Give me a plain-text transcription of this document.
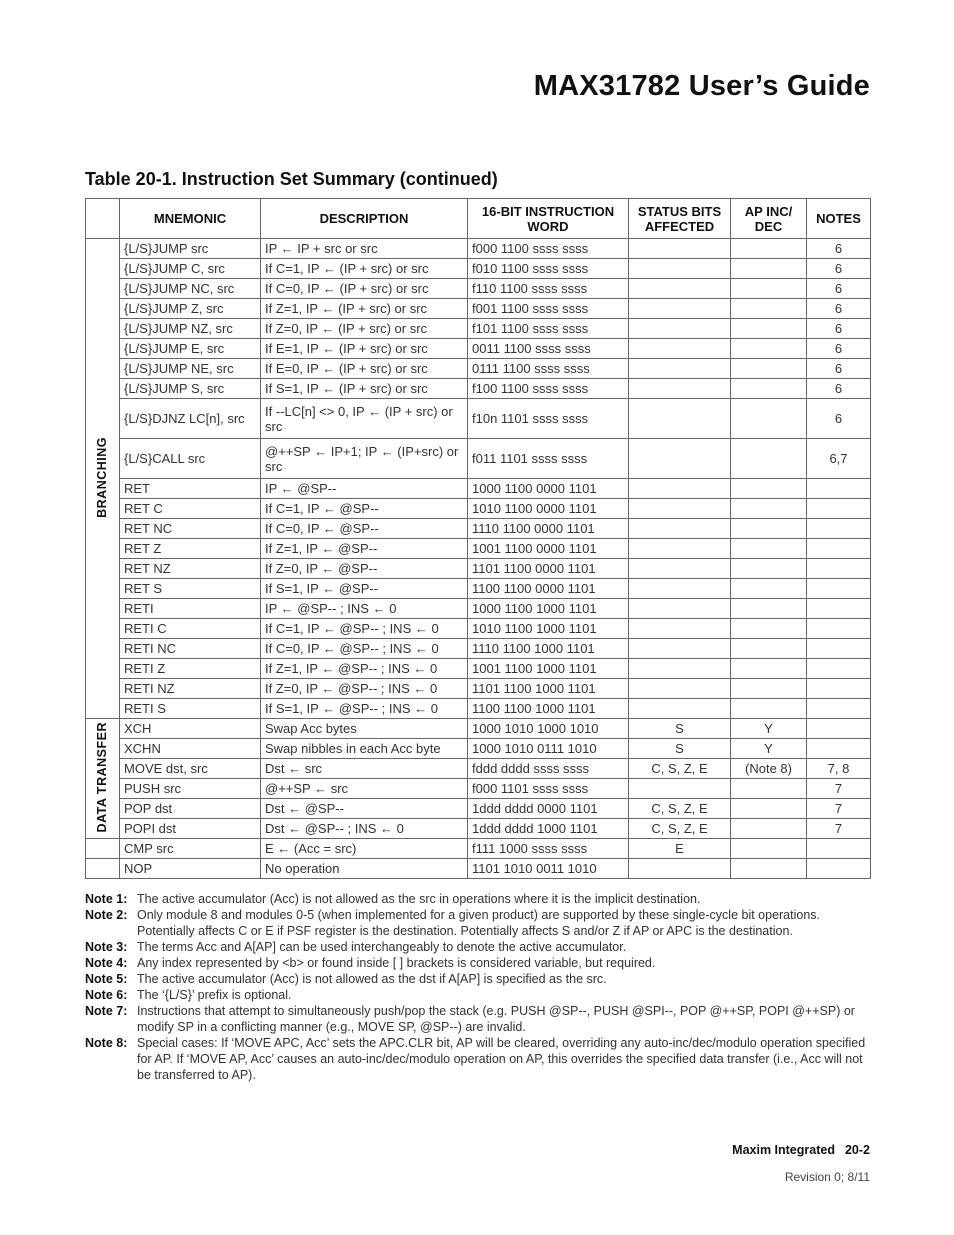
MAX31782 User’s Guide
Table 20-1. Instruction Set Summary (continued)
	MNEMONIC	DESCRIPTION	16-BIT INSTRUCTION WORD	STATUS BITS AFFECTED	AP INC/ DEC	NOTES
BRANCHING	{L/S}JUMP src	IP ← IP + src or src	f000 1100 ssss ssss			6
	{L/S}JUMP C, src	If C=1, IP ← (IP + src) or src	f010 1100 ssss ssss			6
	{L/S}JUMP NC, src	If C=0, IP ← (IP + src) or src	f110 1100 ssss ssss			6
	{L/S}JUMP Z, src	If Z=1, IP ← (IP + src) or src	f001 1100 ssss ssss			6
	{L/S}JUMP NZ, src	If Z=0, IP ← (IP + src) or src	f101 1100 ssss ssss			6
	{L/S}JUMP E, src	If E=1, IP ← (IP + src) or src	0011 1100 ssss ssss			6
	{L/S}JUMP NE, src	If E=0, IP ← (IP + src) or src	0111 1100 ssss ssss			6
	{L/S}JUMP S, src	If S=1, IP ← (IP + src) or src	f100 1100 ssss ssss			6
	{L/S}DJNZ LC[n], src	If --LC[n] <> 0, IP ← (IP + src) or src	f10n 1101 ssss ssss			6
	{L/S}CALL src	@++SP ← IP+1; IP ← (IP+src) or src	f011 1101 ssss ssss			6,7
	RET	IP ← @SP--	1000 1100 0000 1101			
	RET C	If C=1, IP ← @SP--	1010 1100 0000 1101			
	RET NC	If C=0, IP ← @SP--	1110 1100 0000 1101			
	RET Z	If Z=1, IP ← @SP--	1001 1100 0000 1101			
	RET NZ	If Z=0, IP ← @SP--	1101 1100 0000 1101			
	RET S	If S=1, IP ← @SP--	1100 1100 0000 1101			
	RETI	IP ← @SP-- ; INS ← 0	1000 1100 1000 1101			
	RETI C	If C=1, IP ← @SP-- ; INS ← 0	1010 1100 1000 1101			
	RETI NC	If C=0, IP ← @SP-- ; INS ← 0	1110 1100 1000 1101			
	RETI Z	If Z=1, IP ← @SP-- ; INS ← 0	1001 1100 1000 1101			
	RETI NZ	If Z=0, IP ← @SP-- ; INS ← 0	1101 1100 1000 1101			
	RETI S	If S=1, IP ← @SP-- ; INS ← 0	1100 1100 1000 1101			
DATA TRANSFER	XCH	Swap Acc bytes	1000 1010 1000 1010	S	Y	
	XCHN	Swap nibbles in each Acc byte	1000 1010 0111 1010	S	Y	
	MOVE dst, src	Dst ← src	fddd dddd ssss ssss	C, S, Z, E	(Note 8)	7, 8
	PUSH src	@++SP ← src	f000 1101 ssss ssss			7
	POP dst	Dst ← @SP--	1ddd dddd 0000 1101	C, S, Z, E		7
	POPI dst	Dst ← @SP-- ; INS ← 0	1ddd dddd 1000 1101	C, S, Z, E		7
	CMP src	E ← (Acc = src)	f111 1000 ssss ssss	E		
	NOP	No operation	1101 1010 0011 1010			
Note 1: The active accumulator (Acc) is not allowed as the src in operations where it is the implicit destination.
Note 2: Only module 8 and modules 0-5 (when implemented for a given product) are supported by these single-cycle bit operations. Potentially affects C or E if PSF register is the destination. Potentially affects S and/or Z if AP or APC is the destination.
Note 3: The terms Acc and A[AP] can be used interchangeably to denote the active accumulator.
Note 4: Any index represented by <b> or found inside [ ] brackets is considered variable, but required.
Note 5: The active accumulator (Acc) is not allowed as the dst if A[AP] is specified as the src.
Note 6: The ‘{L/S}’ prefix is optional.
Note 7: Instructions that attempt to simultaneously push/pop the stack (e.g. PUSH @SP--, PUSH @SPI--, POP @++SP, POPI @++SP) or modify SP in a conflicting manner (e.g., MOVE SP, @SP--) are invalid.
Note 8: Special cases: If ‘MOVE APC, Acc’ sets the APC.CLR bit, AP will be cleared, overriding any auto-inc/dec/modulo operation specified for AP. If ‘MOVE AP, Acc’ causes an auto-inc/dec/modulo operation on AP, this overrides the specified data transfer (i.e., Acc will not be transferred to AP).
Maxim Integrated 20-2
Revision 0; 8/11
